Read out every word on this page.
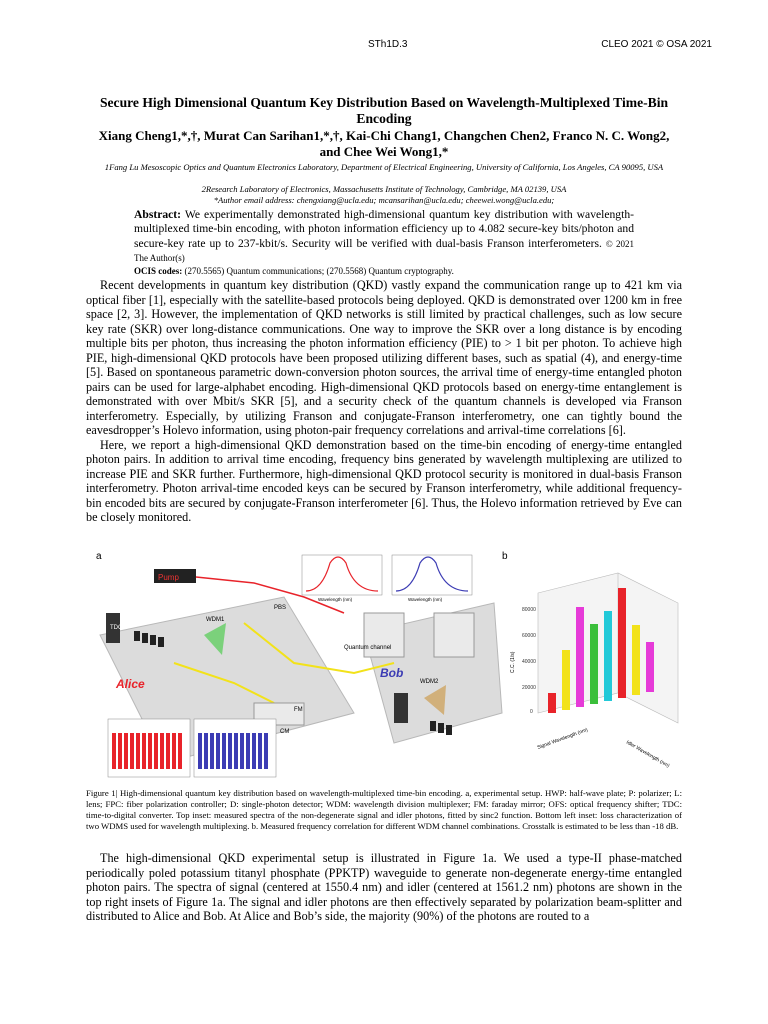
STh1D.3	CLEO 2021 © OSA 2021
Secure High Dimensional Quantum Key Distribution Based on Wavelength-Multiplexed Time-Bin Encoding
Xiang Cheng1,*,†, Murat Can Sarihan1,*,†, Kai-Chi Chang1, Changchen Chen2, Franco N. C. Wong2, and Chee Wei Wong1,*
1Fang Lu Mesoscopic Optics and Quantum Electronics Laboratory, Department of Electrical Engineering, University of California, Los Angeles, CA 90095, USA
2Research Laboratory of Electronics, Massachusetts Institute of Technology, Cambridge, MA 02139, USA
*Author email address: chengxiang@ucla.edu; mcansarihan@ucla.edu; cheewei.wong@ucla.edu;
Abstract: We experimentally demonstrated high-dimensional quantum key distribution with wavelength-multiplexed time-bin encoding, with photon information efficiency up to 4.082 secure-key bits/photon and secure-key rate up to 237-kbit/s. Security will be verified with dual-basis Franson interferometers. © 2021 The Author(s)
OCIS codes: (270.5565) Quantum communications; (270.5568) Quantum cryptography.

Recent developments in quantum key distribution (QKD) vastly expand the communication range up to 421 km via optical fiber [1], especially with the satellite-based protocols being deployed. QKD is demonstrated over 1200 km in free space [2, 3]. However, the implementation of QKD networks is still limited by practical challenges, such as low secure key rate (SKR) over long-distance communications. One way to improve the SKR over a long distance is by encoding multiple bits per photon, thus increasing the photon information efficiency (PIE) to > 1 bit per photon. To achieve high PIE, high-dimensional QKD protocols have been proposed utilizing different bases, such as spatial (4), and energy-time [5]. Based on spontaneous parametric down-conversion photon sources, the arrival time of energy-time entangled photon pairs can be used for large-alphabet encoding. High-dimensional QKD protocols based on energy-time entanglement is demonstrated with over Mbit/s SKR [5], and a security check of the quantum channels is developed via Franson interferometry. Especially, by utilizing Franson and conjugate-Franson interferometry, one can tightly bound the eavesdropper’s Holevo information, using photon-pair frequency correlations and arrival-time correlations [6].

Here, we report a high-dimensional QKD demonstration based on the time-bin encoding of energy-time entangled photon pairs. In addition to arrival time encoding, frequency bins generated by wavelength multiplexing are utilized to increase PIE and SKR further. Furthermore, high-dimensional QKD protocol security is monitored in dual-basis Franson interferometry. Photon arrival-time encoded keys can be secured by Franson interferometry, while additional frequency-bin encoded bits are secured by conjugate-Franson interferometer [6]. Thus, the Holevo information retrieved by Eve can be closely monitored.

Pump
Alice
Bob
Quantum channel
PBS
WDM1
WDM2
CM
FM
TDC
Wavelength (nm)	Wavelength (nm)
a
80000
60000
40000
20000
0
C.C. (1/s)
Signal Wavelength (nm)
Idler Wavelength (nm)
b
Figure 1| High-dimensional quantum key distribution based on wavelength-multiplexed time-bin encoding. a, experimental setup. HWP: half-wave plate; P: polarizer; L: lens; FPC: fiber polarization controller; D: single-photon detector; WDM: wavelength division multiplexer; FM: faraday mirror; OFS: optical frequency shifter; TDC: time-to-digital converter. Top inset: measured spectra of the non-degenerate signal and idler photons, fitted by sinc2 function. Bottom left inset: loss characterization of two WDMS used for wavelength multiplexing. b. Measured frequency correlation for different WDM channel combinations. Crosstalk is estimated to be less than -18 dB.

The high-dimensional QKD experimental setup is illustrated in Figure 1a. We used a type-II phase-matched periodically poled potassium titanyl phosphate (PPKTP) waveguide to generate non-degenerate energy-time entangled photon pairs. The spectra of signal (centered at 1550.4 nm) and idler (centered at 1561.2 nm) photons are shown in the top right insets of Figure 1a. The signal and idler photons are then effectively separated by polarization beam-splitter and distributed to Alice and Bob. At Alice and Bob’s side, the majority (90%) of the photons are routed to a
